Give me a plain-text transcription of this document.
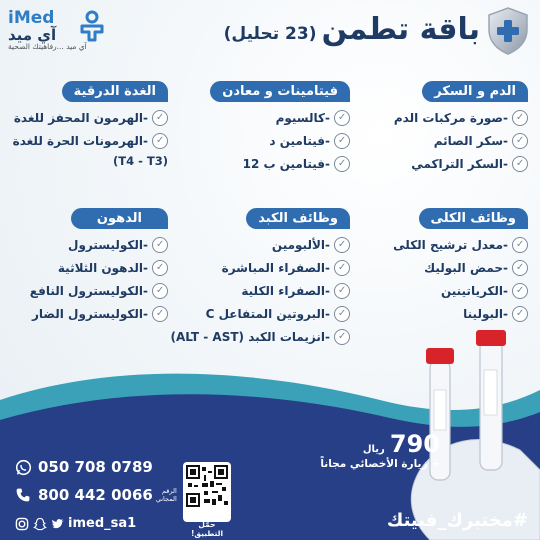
iMed
آي ميد
آي ميد ...رفاهيتك الصحية	باقة تطمن (23 تحليل)
الدم و السكر
✓
-صورة مركبات الدم
✓
-سكر الصائم
✓
-السكر التراكمي
فيتامينات و معادن
✓
-كالسيوم
✓
-فيتامين د
✓
-فيتامين ب 12
الغدة الدرقية
✓
-الهرمون المحفز للغدة
✓
-الهرمونات الحرة للغدة
(T4 - T3)
وظائف الكلى
✓
-معدل ترشيح الكلى
✓
-حمض البوليك
✓
-الكرياتينين
✓
-البولينا
وظائف الكبد
✓
-الألبومين
✓
-الصفراء المباشرة
✓
-الصفراء الكلية
✓
-البروتين المتفاعل C
✓
-انزيمات الكبد (ALT - AST)
الدهون
✓
-الكوليسترول
✓
-الدهون الثلاثية
✓
-الكوليسترول النافع
✓
-الكوليسترول الضار
790 ريال
+ زيارة الأخصائي مجاناً
050 708 0789
800 442 0066	الرقم
المجاني
imed_sa1	حمّل التطبيق!
#مختبرك_فبيتك
